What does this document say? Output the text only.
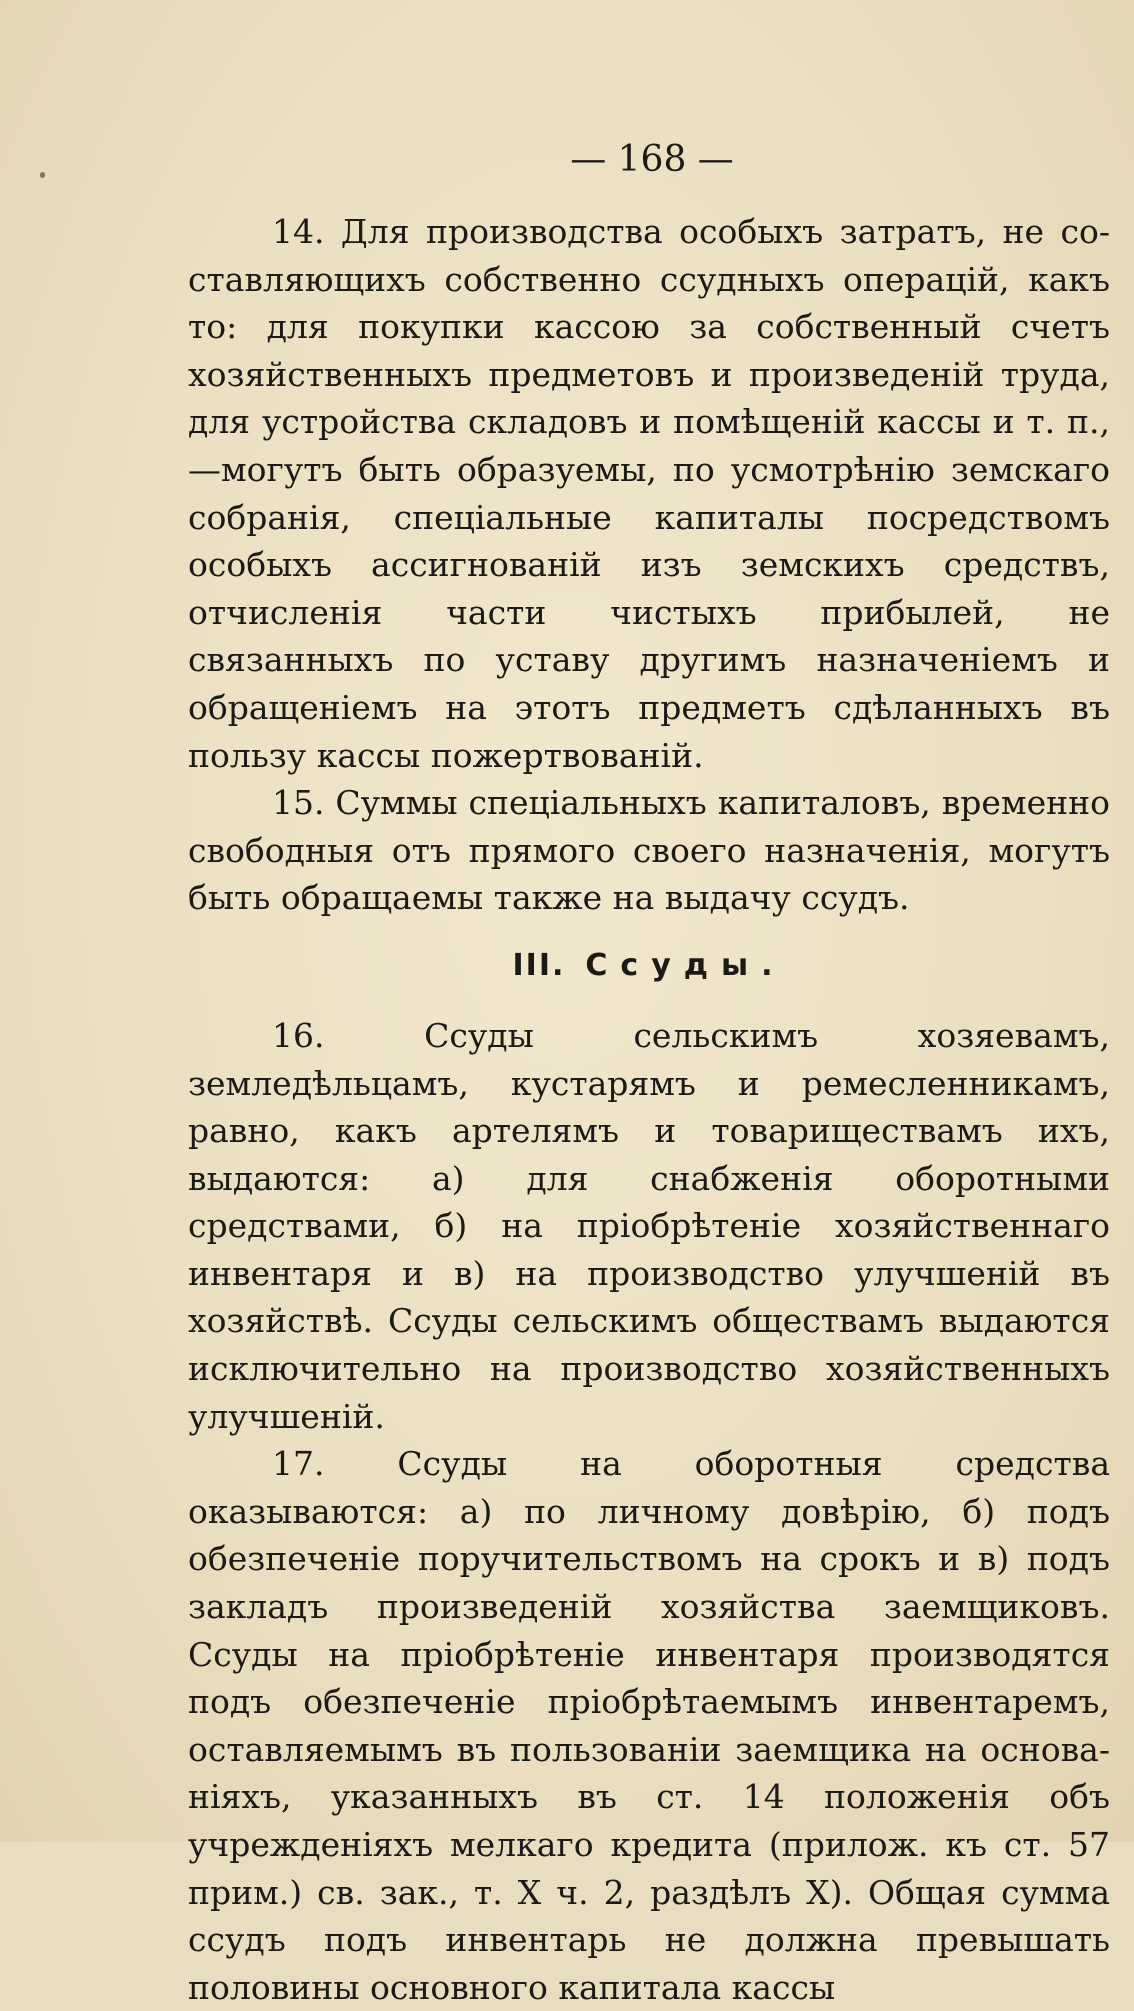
— 168 —

14. Для производства особыхъ затратъ, не составляющихъ собственно ссудныхъ операцій, какъ то: для покупки кассою за собственный счетъ хозяйственныхъ предметовъ и произведеній труда, для устройства складовъ и помѣщеній кассы и т. п.,—могутъ быть образуемы, по усмотрѣнію земскаго собранія, спеціальные капиталы посредствомъ особыхъ ассигнованій изъ земскихъ средствъ, отчисленія части чистыхъ прибылей, не связанныхъ по уставу другимъ назначеніемъ и обращеніемъ на этотъ предметъ сдѣланныхъ въ пользу кассы пожертвованій.

15. Суммы спеціальныхъ капиталовъ, временно свободныя отъ прямого своего назначенія, могутъ быть обращаемы также на выдачу ссудъ.

III. Ссуды.

16. Ссуды сельскимъ хозяевамъ, земледѣльцамъ, кустарямъ и ремесленникамъ, равно, какъ артелямъ и товариществамъ ихъ, выдаются: а) для снабженія оборотными средствами, б) на пріобрѣтеніе хозяйственнаго инвентаря и в) на производство улучшеній въ хозяйствѣ. Ссуды сельскимъ обществамъ выдаются исключительно на производство хозяйственныхъ улучшеній.

17. Ссуды на оборотныя средства оказываются: а) по личному довѣрію, б) подъ обезпеченіе поручительствомъ на срокъ и в) подъ закладъ произведеній хозяйства заемщиковъ. Ссуды на пріобрѣтеніе инвентаря производятся подъ обезпеченіе пріобрѣтаемымъ инвентаремъ, оставляемымъ въ пользованіи заемщика на основаніяхъ, указанныхъ въ ст. 14 положенія объ учрежденіяхъ мелкаго кредита (прилож. къ ст. 57 прим.) св. зак., т. X ч. 2, раздѣлъ X). Общая сумма ссудъ подъ инвентарь не должна превышать половины основного капитала кассы
